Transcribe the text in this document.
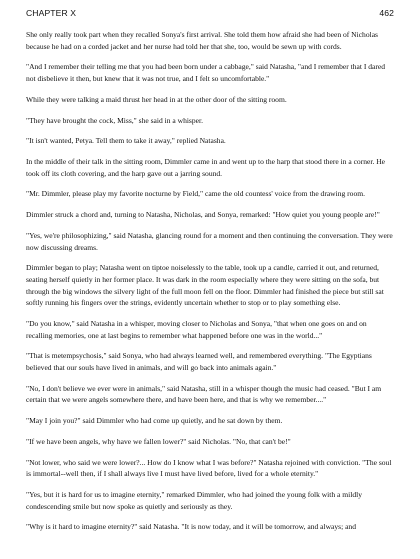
CHAPTER X	462

She only really took part when they recalled Sonya's first arrival. She told them how afraid she had been of Nicholas because he had on a corded jacket and her nurse had told her that she, too, would be sewn up with cords.

"And I remember their telling me that you had been born under a cabbage," said Natasha, "and I remember that I dared not disbelieve it then, but knew that it was not true, and I felt so uncomfortable."

While they were talking a maid thrust her head in at the other door of the sitting room.

"They have brought the cock, Miss," she said in a whisper.

"It isn't wanted, Petya. Tell them to take it away," replied Natasha.

In the middle of their talk in the sitting room, Dimmler came in and went up to the harp that stood there in a corner. He took off its cloth covering, and the harp gave out a jarring sound.

"Mr. Dimmler, please play my favorite nocturne by Field," came the old countess' voice from the drawing room.

Dimmler struck a chord and, turning to Natasha, Nicholas, and Sonya, remarked: "How quiet you young people are!"

"Yes, we're philosophizing," said Natasha, glancing round for a moment and then continuing the conversation. They were now discussing dreams.

Dimmler began to play; Natasha went on tiptoe noiselessly to the table, took up a candle, carried it out, and returned, seating herself quietly in her former place. It was dark in the room especially where they were sitting on the sofa, but through the big windows the silvery light of the full moon fell on the floor. Dimmler had finished the piece but still sat softly running his fingers over the strings, evidently uncertain whether to stop or to play something else.

"Do you know," said Natasha in a whisper, moving closer to Nicholas and Sonya, "that when one goes on and on recalling memories, one at last begins to remember what happened before one was in the world..."

"That is metempsychosis," said Sonya, who had always learned well, and remembered everything. "The Egyptians believed that our souls have lived in animals, and will go back into animals again."

"No, I don't believe we ever were in animals," said Natasha, still in a whisper though the music had ceased. "But I am certain that we were angels somewhere there, and have been here, and that is why we remember...."

"May I join you?" said Dimmler who had come up quietly, and he sat down by them.

"If we have been angels, why have we fallen lower?" said Nicholas. "No, that can't be!"

"Not lower, who said we were lower?... How do I know what I was before?" Natasha rejoined with conviction. "The soul is immortal--well then, if I shall always live I must have lived before, lived for a whole eternity."

"Yes, but it is hard for us to imagine eternity," remarked Dimmler, who had joined the young folk with a mildly condescending smile but now spoke as quietly and seriously as they.

"Why is it hard to imagine eternity?" said Natasha. "It is now today, and it will be tomorrow, and always; and
